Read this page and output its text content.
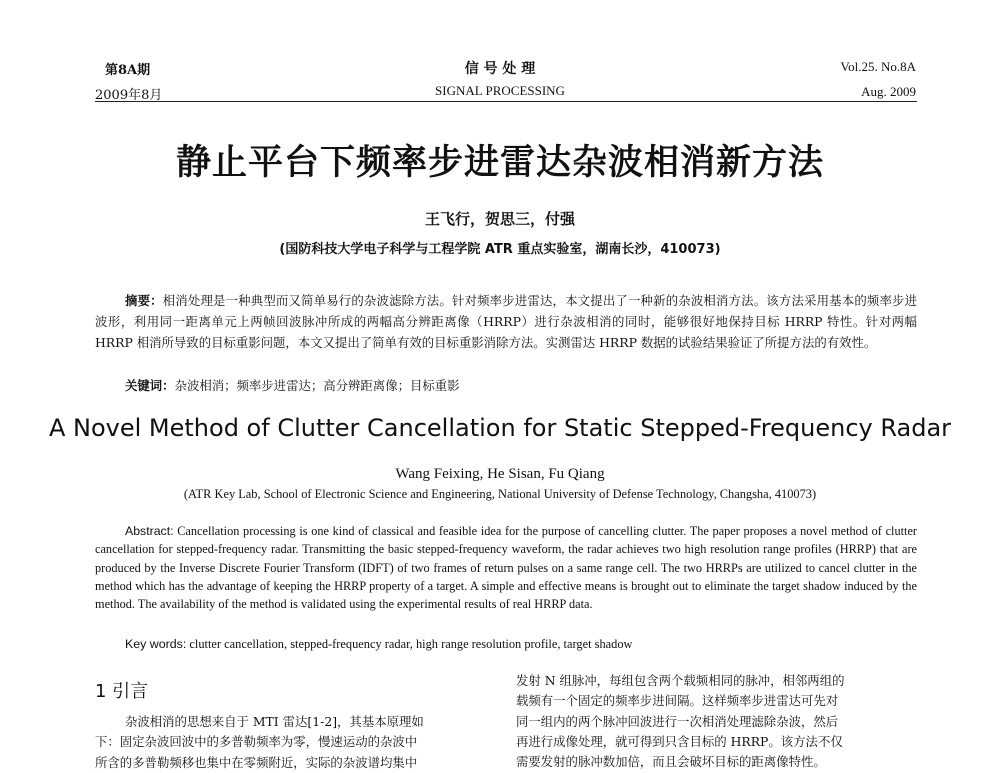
第8A期
2009年8月
信 号 处 理
SIGNAL PROCESSING
Vol.25. No.8A
Aug. 2009
静止平台下频率步进雷达杂波相消新方法
王飞行，贺思三，付强
(国防科技大学电子科学与工程学院 ATR 重点实验室，湖南长沙，410073)
摘要：相消处理是一种典型而又简单易行的杂波滤除方法。针对频率步进雷达，本文提出了一种新的杂波相消方法。该方法采用基本的频率步进波形，利用同一距离单元上两帧回波脉冲所成的两幅高分辨距离像（HRRP）进行杂波相消的同时，能够很好地保持目标 HRRP 特性。针对两幅 HRRP 相消所导致的目标重影问题，本文又提出了简单有效的目标重影消除方法。实测雷达 HRRP 数据的试验结果验证了所提方法的有效性。
关键词：杂波相消；频率步进雷达；高分辨距离像；目标重影
A Novel Method of Clutter Cancellation for Static Stepped-Frequency Radar
Wang Feixing, He Sisan, Fu Qiang
(ATR Key Lab, School of Electronic Science and Engineering, National University of Defense Technology, Changsha, 410073)
Abstract: Cancellation processing is one kind of classical and feasible idea for the purpose of cancelling clutter. The paper proposes a novel method of clutter cancellation for stepped-frequency radar. Transmitting the basic stepped-frequency waveform, the radar achieves two high resolution range profiles (HRRP) that are produced by the Inverse Discrete Fourier Transform (IDFT) of two frames of return pulses on a same range cell. The two HRRPs are utilized to cancel clutter in the method which has the advantage of keeping the HRRP property of a target. A simple and effective means is brought out to eliminate the target shadow induced by the method. The availability of the method is validated using the experimental results of real HRRP data.
Key words: clutter cancellation, stepped-frequency radar, high range resolution profile, target shadow
1 引言
杂波相消的思想来自于 MTI 雷达[1-2]，其基本原理如
下：固定杂波回波中的多普勒频率为零，慢速运动的杂波中
所含的多普勒频移也集中在零频附近，实际的杂波谱均集中
发射 N 组脉冲，每组包含两个载频相同的脉冲，相邻两组的
载频有一个固定的频率步进间隔。这样频率步进雷达可先对
同一组内的两个脉冲回波进行一次相消处理滤除杂波，然后
再进行成像处理，就可得到只含目标的 HRRP。该方法不仅
需要发射的脉冲数加倍，而且会破坏目标的距离像特性。
